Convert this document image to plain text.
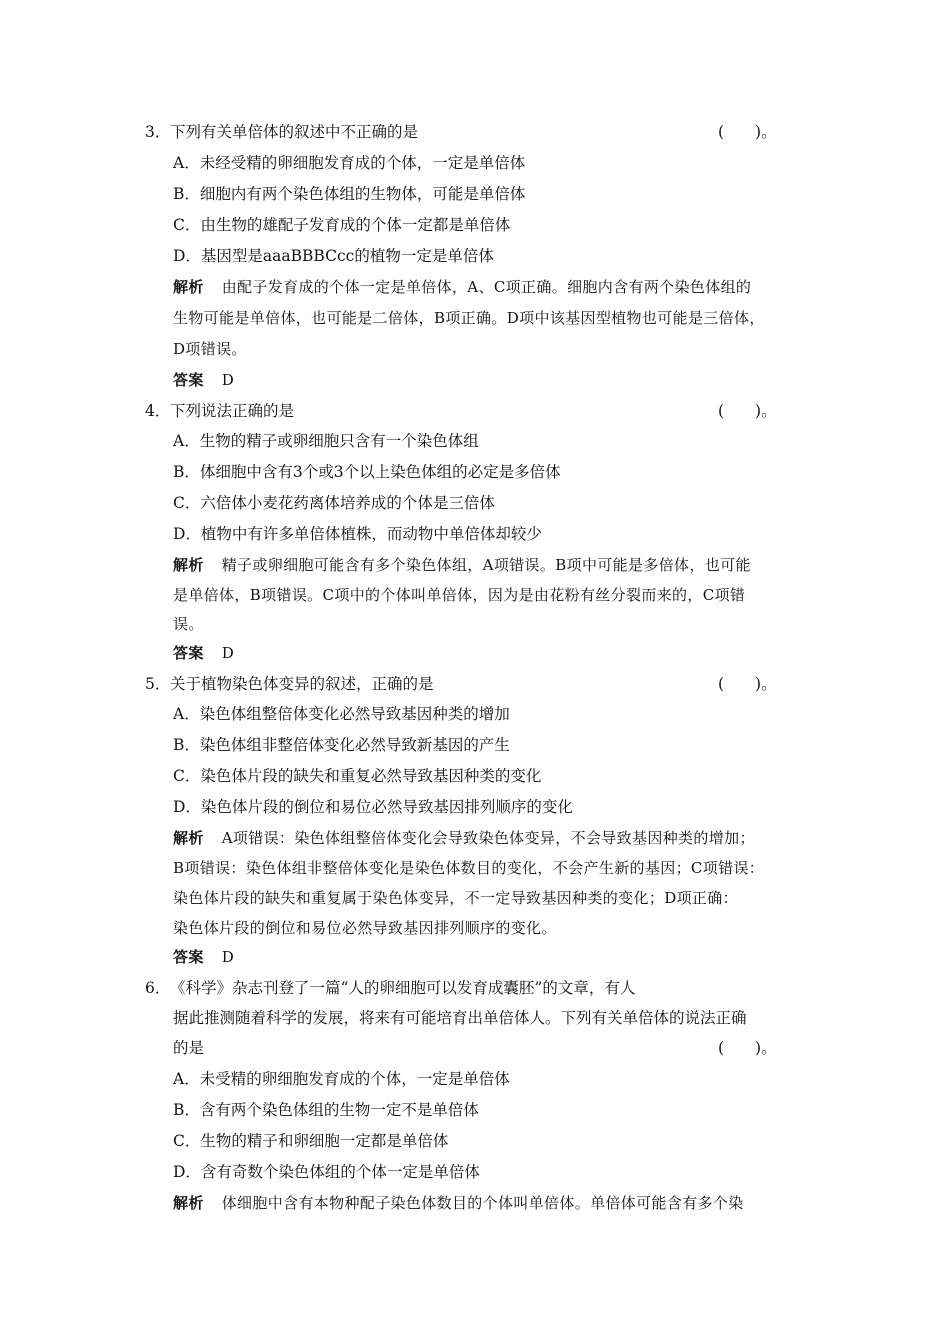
3． 下列有关单倍体的叙述中不正确的是	(　　)。
A．未经受精的卵细胞发育成的个体，一定是单倍体
B．细胞内有两个染色体组的生物体，可能是单倍体
C．由生物的雄配子发育成的个体一定都是单倍体
D．基因型是aaaBBBCcc的植物一定是单倍体
解析 由配子发育成的个体一定是单倍体，A、C项正确。细胞内含有两个染色体组的
生物可能是单倍体，也可能是二倍体，B项正确。D项中该基因型植物也可能是三倍体，
D项错误。
答案 D
4． 下列说法正确的是	(　　)。
A．生物的精子或卵细胞只含有一个染色体组
B．体细胞中含有3个或3个以上染色体组的必定是多倍体
C．六倍体小麦花药离体培养成的个体是三倍体
D．植物中有许多单倍体植株，而动物中单倍体却较少
解析 精子或卵细胞可能含有多个染色体组，A项错误。B项中可能是多倍体，也可能
是单倍体，B项错误。C项中的个体叫单倍体，因为是由花粉有丝分裂而来的，C项错
误。
答案 D
5． 关于植物染色体变异的叙述，正确的是	(　　)。
A．染色体组整倍体变化必然导致基因种类的增加
B．染色体组非整倍体变化必然导致新基因的产生
C．染色体片段的缺失和重复必然导致基因种类的变化
D．染色体片段的倒位和易位必然导致基因排列顺序的变化
解析 A项错误：染色体组整倍体变化会导致染色体变异，不会导致基因种类的增加；
B项错误：染色体组非整倍体变化是染色体数目的变化，不会产生新的基因；C项错误：
染色体片段的缺失和重复属于染色体变异，不一定导致基因种类的变化；D项正确：
染色体片段的倒位和易位必然导致基因排列顺序的变化。
答案 D
6． 《科学》杂志刊登了一篇“人的卵细胞可以发育成囊胚”的文章，有人
据此推测随着科学的发展，将来有可能培育出单倍体人。下列有关单倍体的说法正确
的是	(　　)。
A．未受精的卵细胞发育成的个体，一定是单倍体
B．含有两个染色体组的生物一定不是单倍体
C．生物的精子和卵细胞一定都是单倍体
D．含有奇数个染色体组的个体一定是单倍体
解析 体细胞中含有本物种配子染色体数目的个体叫单倍体。单倍体可能含有多个染
